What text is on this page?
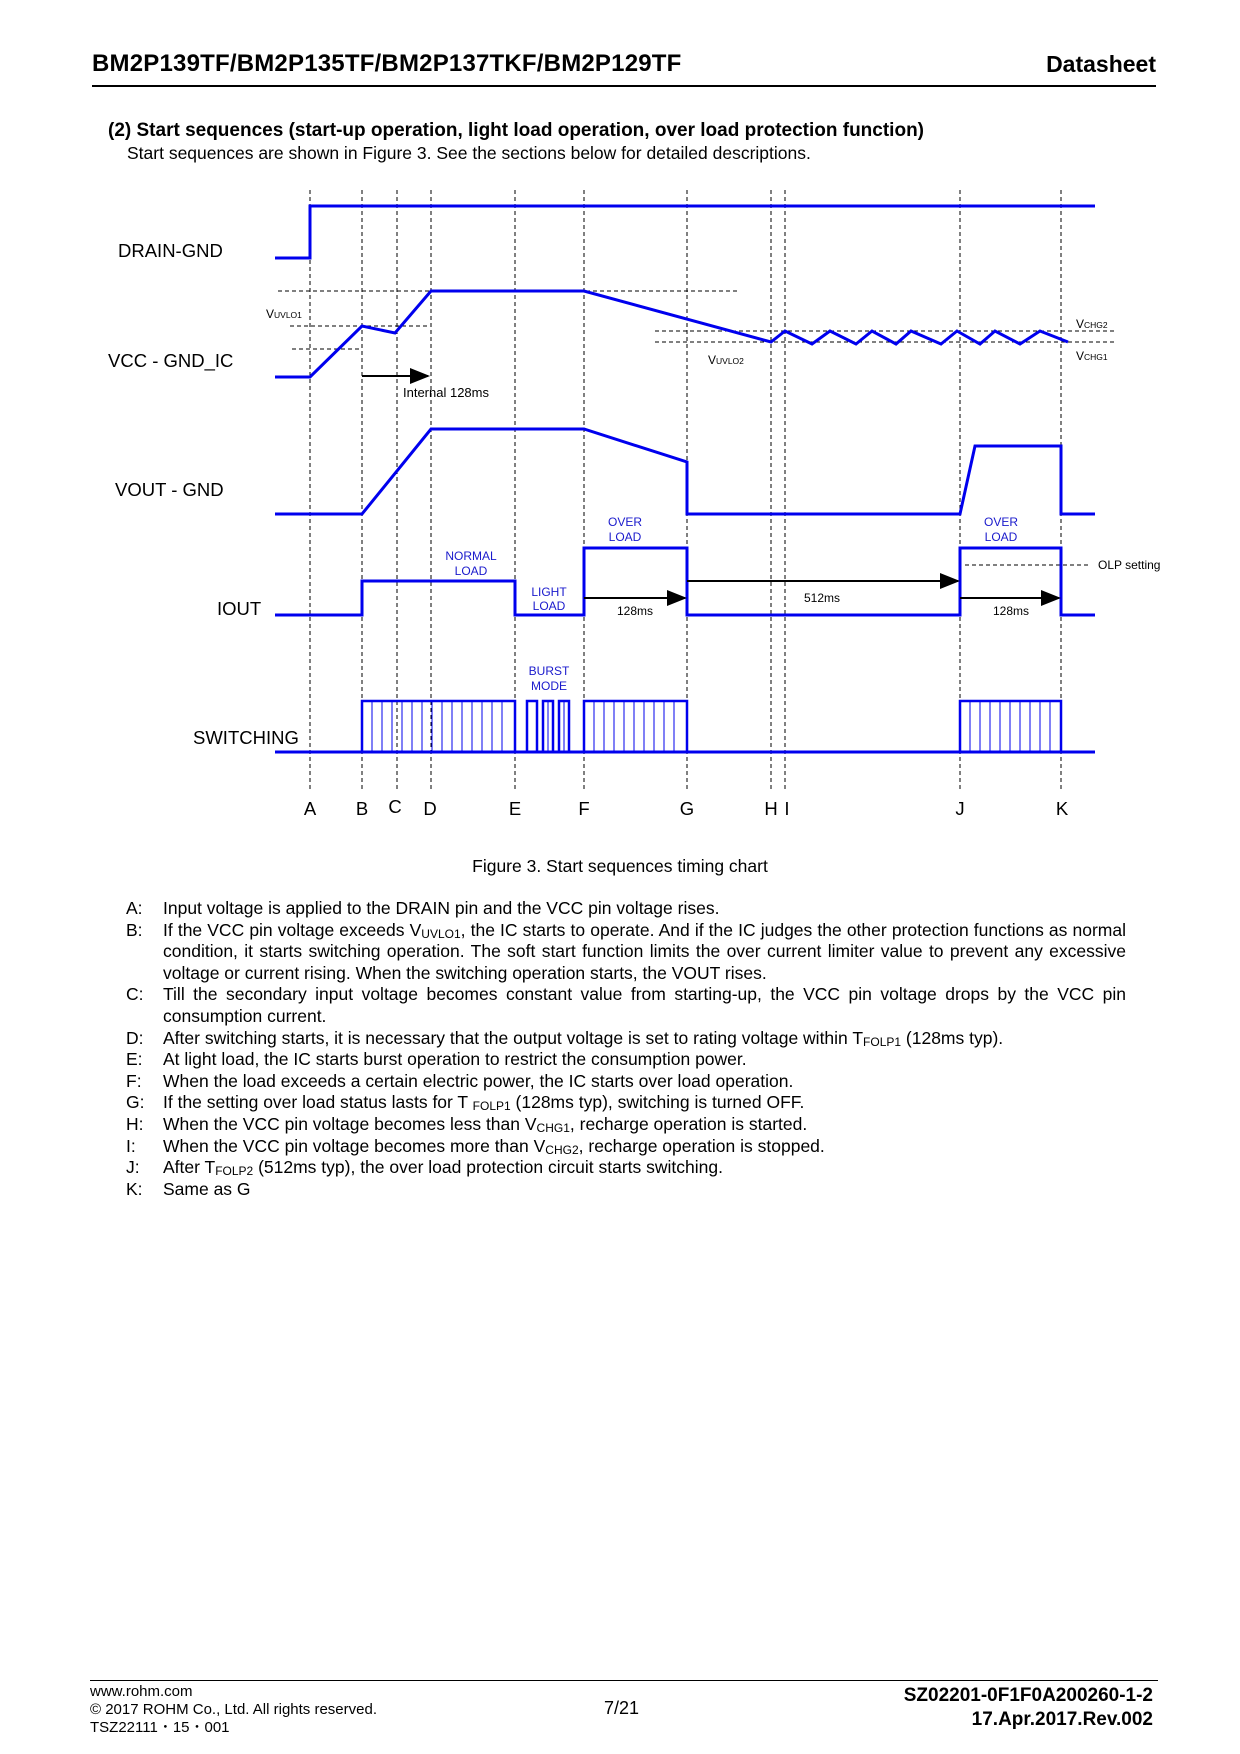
BM2P139TF/BM2P135TF/BM2P137TKF/BM2P129TF	Datasheet
(2) Start sequences (start-up operation, light load operation, over load protection function)
Start sequences are shown in Figure 3. See the sections below for detailed descriptions.
DRAIN-GND
VCC - GND_IC
VOUT - GND
IOUT
SWITCHING
A B C D	E	F	G	H I	J	K
VUVLO1
VUVLO2
VCHG2
VCHG1
Internal 128ms
OLP setting
128ms
512ms
128ms
NORMAL
LOAD
LIGHT
LOAD
OVER
LOAD
OVER
LOAD
BURST
MODE
Figure 3. Start sequences timing chart
A:	Input voltage is applied to the DRAIN pin and the VCC pin voltage rises.
B:	If the VCC pin voltage exceeds $V_{UVLO1}$, the IC starts to operate. And if the IC judges the other protection functions as normal condition, it starts switching operation. The soft start function limits the over current limiter value to prevent any excessive voltage or current rising. When the switching operation starts, the VOUT rises.
C:	Till the secondary input voltage becomes constant value from starting-up, the VCC pin voltage drops by the VCC pin consumption current.
D:	After switching starts, it is necessary that the output voltage is set to rating voltage within $T_{FOLP1}$ (128ms typ).
E:	At light load, the IC starts burst operation to restrict the consumption power.
F:	When the load exceeds a certain electric power, the IC starts over load operation.
G:	If the setting over load status lasts for T $_{FOLP1}$ (128ms typ), switching is turned OFF.
H:	When the VCC pin voltage becomes less than $V_{CHG1}$, recharge operation is started.
I:	When the VCC pin voltage becomes more than $V_{CHG2}$, recharge operation is stopped.
J:	After $T_{FOLP2}$ (512ms typ), the over load protection circuit starts switching.
K:	Same as G
www.rohm.com
© 2017 ROHM Co., Ltd. All rights reserved.
TSZ22111・15・001
7/21
SZ02201-0F1F0A200260-1-2
17.Apr.2017.Rev.002
